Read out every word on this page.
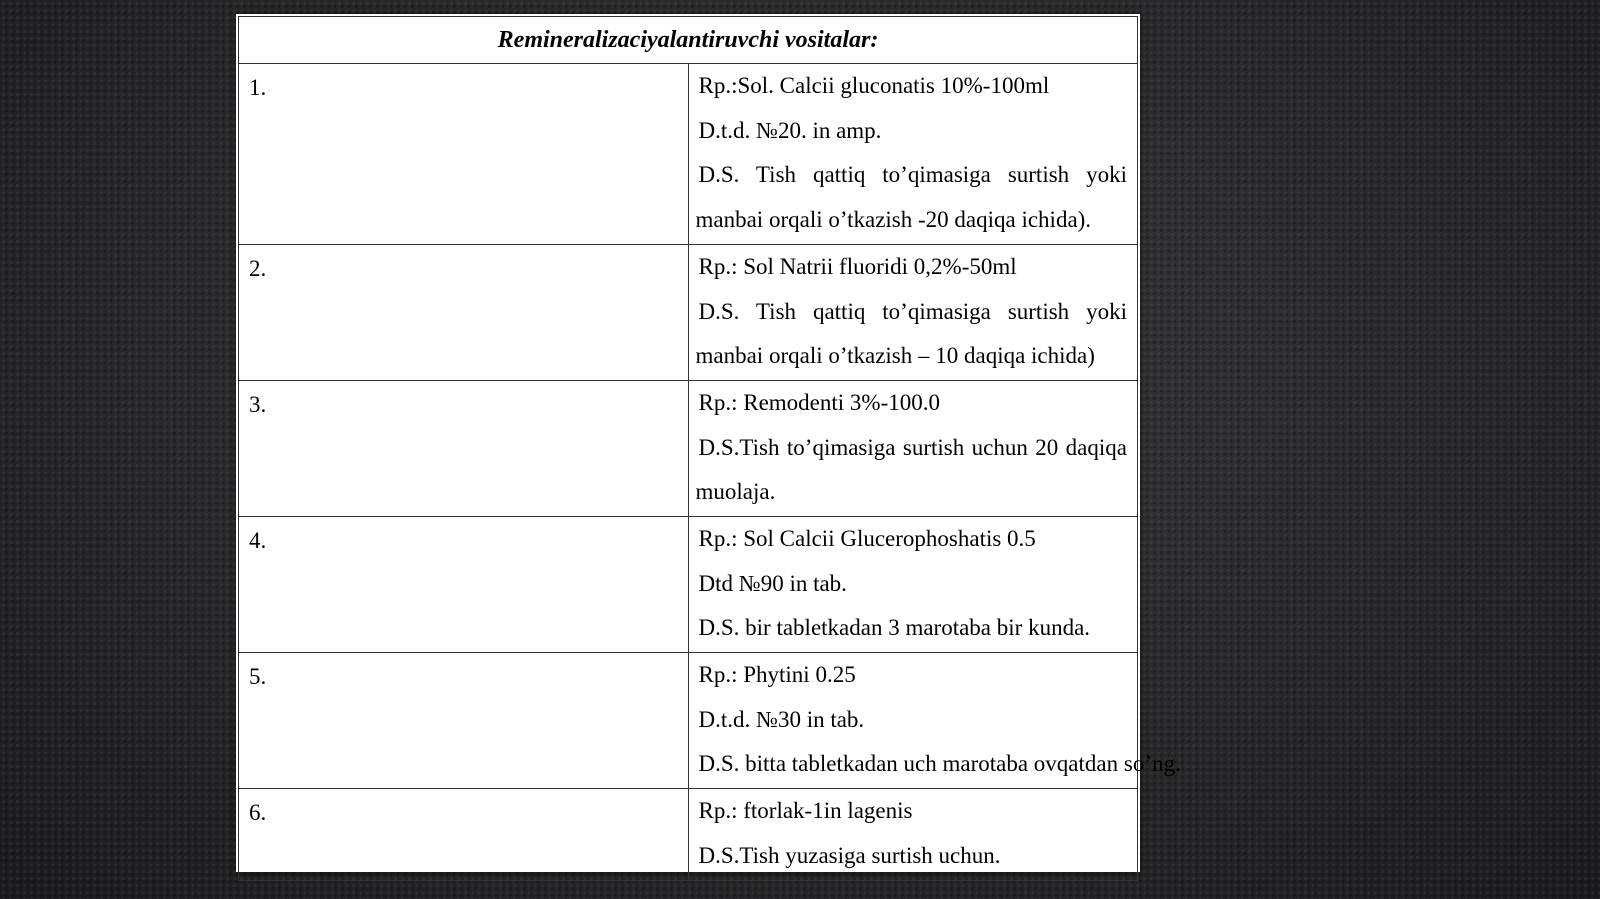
Remineralizaciyalantiruvchi vositalar:	
1.	Rp.:Sol. Calcii gluconatis 10%-100ml
D.t.d. №20. in amp.
D.S. Tish qattiq to’qimasiga surtish yoki
manbai orqali o’tkazish -20 daqiqa ichida).

2.	Rp.: Sol Natrii fluoridi 0,2%-50ml
D.S. Tish qattiq to’qimasiga surtish yoki
manbai orqali o’tkazish – 10 daqiqa ichida)

3.	Rp.: Remodenti 3%-100.0
D.S.Tish to’qimasiga surtish uchun 20 daqiqa
muolaja.

4.	Rp.: Sol Calcii Glucerophoshatis 0.5
Dtd №90 in tab.
D.S. bir tabletkadan 3 marotaba bir kunda.

5.	Rp.: Phytini 0.25
D.t.d. №30 in tab.
D.S. bitta tabletkadan uch marotaba ovqatdan so’ng.

6.	Rp.: ftorlak-1in lagenis
D.S.Tish yuzasiga surtish uchun.
